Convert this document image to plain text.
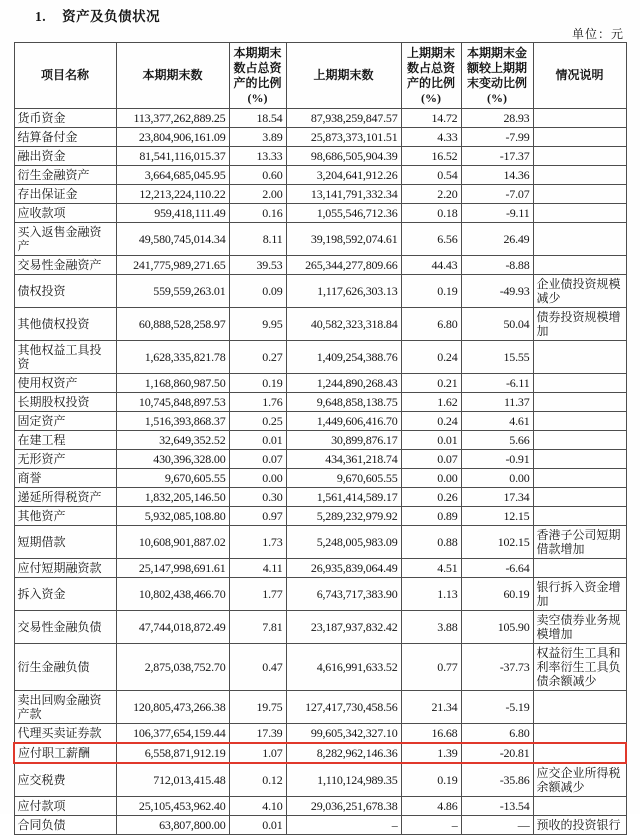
1. 资产及负债状况
单位：元
项目名称	本期期末数	本期期末数占总资产的比例(%)	上期期末数	上期期末数占总资产的比例(%)	本期期末金额较上期期末变动比例(%)	情况说明
货币资金	113,377,262,889.25	18.54	87,938,259,847.57	14.72	28.93	
结算备付金	23,804,906,161.09	3.89	25,873,373,101.51	4.33	-7.99	
融出资金	81,541,116,015.37	13.33	98,686,505,904.39	16.52	-17.37	
衍生金融资产	3,664,685,045.95	0.60	3,204,641,912.26	0.54	14.36	
存出保证金	12,213,224,110.22	2.00	13,141,791,332.34	2.20	-7.07	
应收款项	959,418,111.49	0.16	1,055,546,712.36	0.18	-9.11	
买入返售金融资产	49,580,745,014.34	8.11	39,198,592,074.61	6.56	26.49	
交易性金融资产	241,775,989,271.65	39.53	265,344,277,809.66	44.43	-8.88	
债权投资	559,559,263.01	0.09	1,117,626,303.13	0.19	-49.93	企业债投资规模减少
其他债权投资	60,888,528,258.97	9.95	40,582,323,318.84	6.80	50.04	债券投资规模增加
其他权益工具投资	1,628,335,821.78	0.27	1,409,254,388.76	0.24	15.55	
使用权资产	1,168,860,987.50	0.19	1,244,890,268.43	0.21	-6.11	
长期股权投资	10,745,848,897.53	1.76	9,648,858,138.75	1.62	11.37	
固定资产	1,516,393,868.37	0.25	1,449,606,416.70	0.24	4.61	
在建工程	32,649,352.52	0.01	30,899,876.17	0.01	5.66	
无形资产	430,396,328.00	0.07	434,361,218.74	0.07	-0.91	
商誉	9,670,605.55	0.00	9,670,605.55	0.00	0.00	
递延所得税资产	1,832,205,146.50	0.30	1,561,414,589.17	0.26	17.34	
其他资产	5,932,085,108.80	0.97	5,289,232,979.92	0.89	12.15	
短期借款	10,608,901,887.02	1.73	5,248,005,983.09	0.88	102.15	香港子公司短期借款增加
应付短期融资款	25,147,998,691.61	4.11	26,935,839,064.49	4.51	-6.64	
拆入资金	10,802,438,466.70	1.77	6,743,717,383.90	1.13	60.19	银行拆入资金增加
交易性金融负债	47,744,018,872.49	7.81	23,187,937,832.42	3.88	105.90	卖空债券业务规模增加
衍生金融负债	2,875,038,752.70	0.47	4,616,991,633.52	0.77	-37.73	权益衍生工具和利率衍生工具负债余额减少
卖出回购金融资产款	120,805,473,266.38	19.75	127,417,730,458.56	21.34	-5.19	
代理买卖证券款	106,377,654,159.44	17.39	99,605,342,327.10	16.68	6.80	
应付职工薪酬	6,558,871,912.19	1.07	8,282,962,146.36	1.39	-20.81	
应交税费	712,013,415.48	0.12	1,110,124,989.35	0.19	-35.86	应交企业所得税余额减少
应付款项	25,105,453,962.40	4.10	29,036,251,678.38	4.86	-13.54	
合同负债	63,807,800.00	0.01	–	–	—	预收的投资银行
